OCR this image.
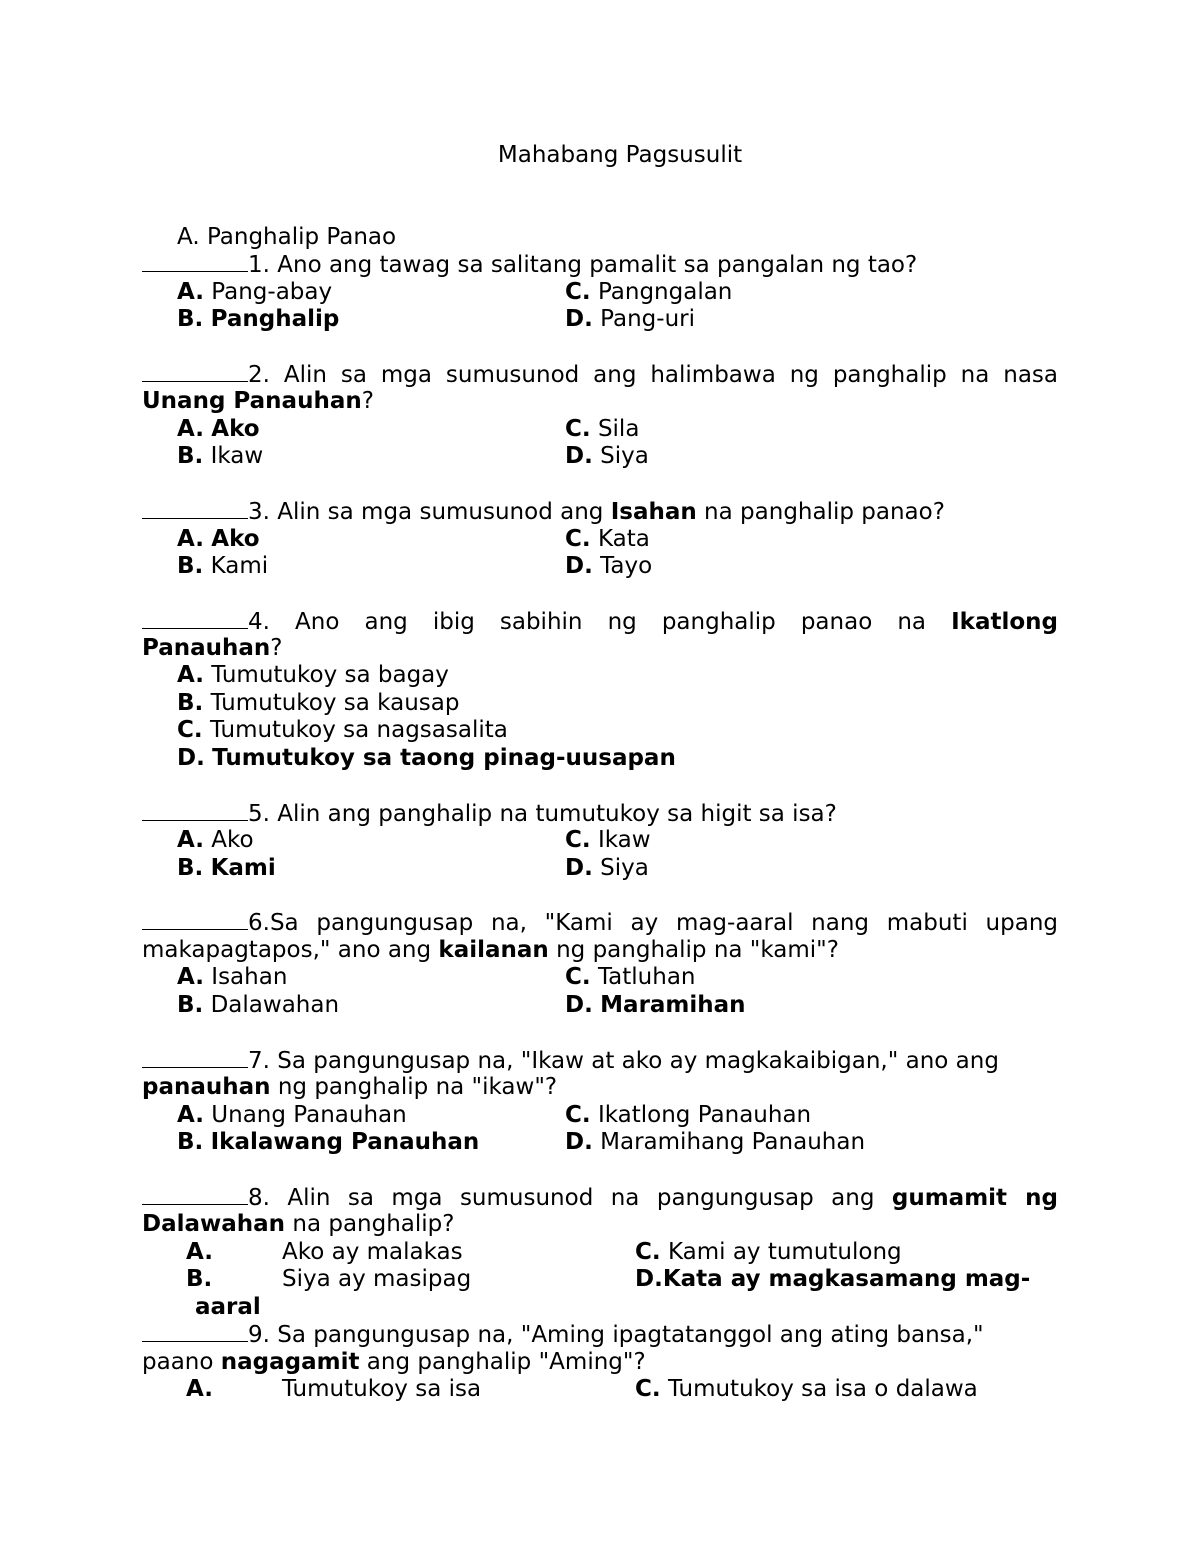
Mahabang Pagsusulit
A. Panghalip Panao
1. Ano ang tawag sa salitang pamalit sa pangalan ng tao?
A. Pang-abay	C. Pangngalan
B. Panghalip	D. Pang-uri
2. Alin sa mga sumusunod ang halimbawa ng panghalip na nasa
Unang Panauhan?
A. Ako	C. Sila
B. Ikaw	D. Siya
3. Alin sa mga sumusunod ang Isahan na panghalip panao?
A. Ako	C. Kata
B. Kami	D. Tayo
4. Ano ang ibig sabihin ng panghalip panao na Ikatlong
Panauhan?
A. Tumutukoy sa bagay
B. Tumutukoy sa kausap
C. Tumutukoy sa nagsasalita
D. Tumutukoy sa taong pinag-uusapan
5. Alin ang panghalip na tumutukoy sa higit sa isa?
A. Ako	C. Ikaw
B. Kami	D. Siya
6.Sa pangungusap na, "Kami ay mag-aaral nang mabuti upang
makapagtapos," ano ang kailanan ng panghalip na "kami"?
A. Isahan	C. Tatluhan
B. Dalawahan	D. Maramihan
7. Sa pangungusap na, "Ikaw at ako ay magkakaibigan," ano ang
panauhan ng panghalip na "ikaw"?
A. Unang Panauhan	C. Ikatlong Panauhan
B. Ikalawang Panauhan	D. Maramihang Panauhan
8. Alin sa mga sumusunod na pangungusap ang gumamit ng
Dalawahan na panghalip?
A.	Ako ay malakas	C. Kami ay tumutulong
B.	Siya ay masipag	D.Kata ay magkasamang mag-
aaral
9. Sa pangungusap na, "Aming ipagtatanggol ang ating bansa,"
paano nagagamit ang panghalip "Aming"?
A.	Tumutukoy sa isa	C. Tumutukoy sa isa o dalawa
